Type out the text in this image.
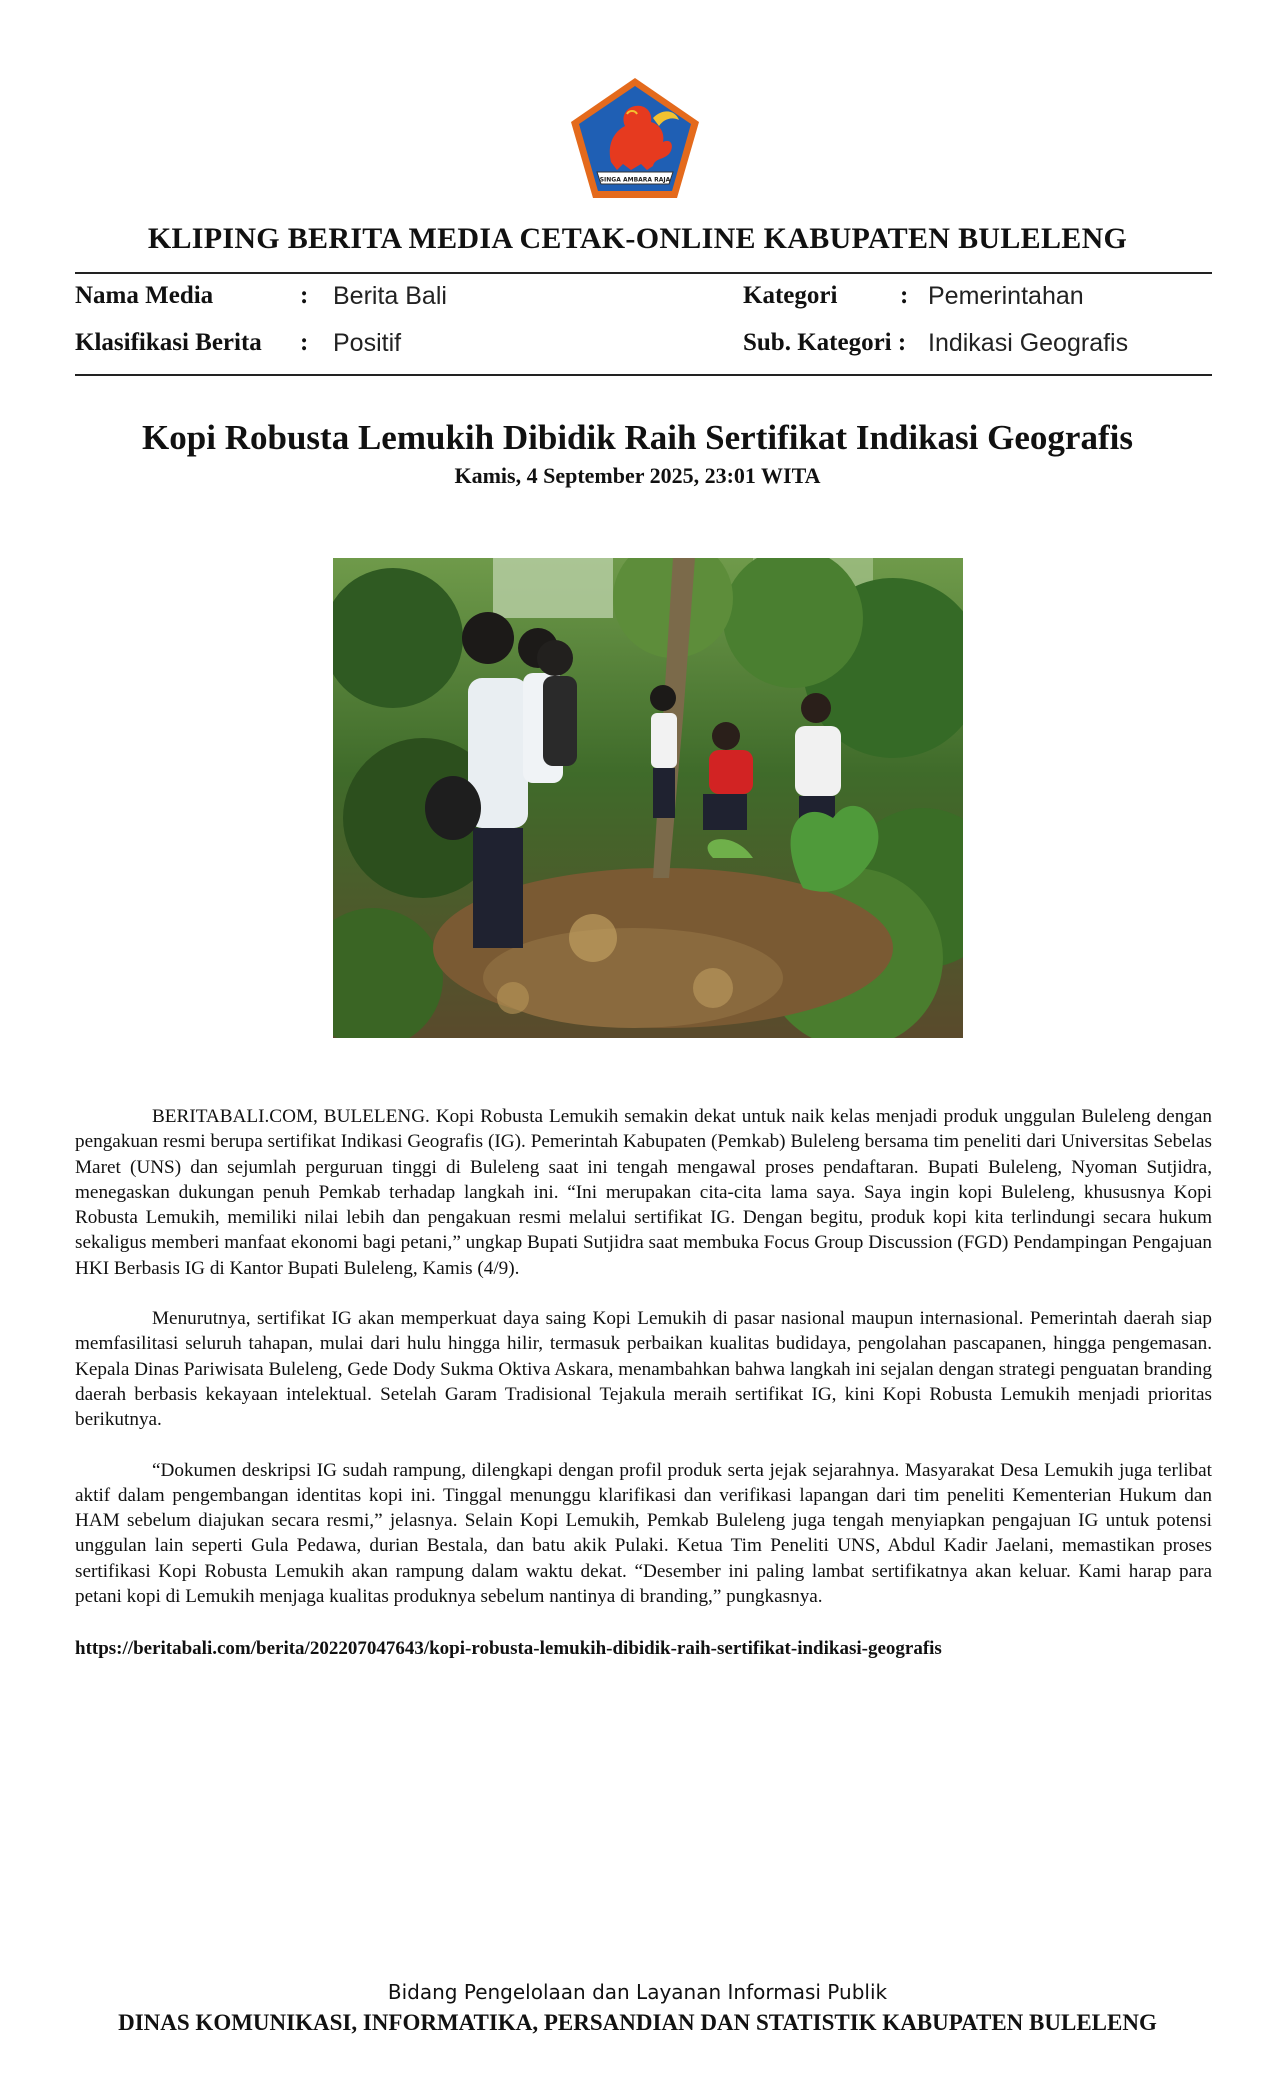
SINGA AMBARA RAJA
KLIPING BERITA MEDIA CETAK-ONLINE KABUPATEN BULELENG
Nama Media	: Berita Bali
Klasifikasi Berita : Positif
Kategori	: Pemerintahan
Sub. Kategori : Indikasi Geografis
Kopi Robusta Lemukih Dibidik Raih Sertifikat Indikasi Geografis
Kamis, 4 September 2025, 23:01 WITA

BERITABALI.COM, BULELENG. Kopi Robusta Lemukih semakin dekat untuk naik kelas menjadi produk unggulan Buleleng dengan pengakuan resmi berupa sertifikat Indikasi Geografis (IG). Pemerintah Kabupaten (Pemkab) Buleleng bersama tim peneliti dari Universitas Sebelas Maret (UNS) dan sejumlah perguruan tinggi di Buleleng saat ini tengah mengawal proses pendaftaran. Bupati Buleleng, Nyoman Sutjidra, menegaskan dukungan penuh Pemkab terhadap langkah ini. “Ini merupakan cita-cita lama saya. Saya ingin kopi Buleleng, khususnya Kopi Robusta Lemukih, memiliki nilai lebih dan pengakuan resmi melalui sertifikat IG. Dengan begitu, produk kopi kita terlindungi secara hukum sekaligus memberi manfaat ekonomi bagi petani,” ungkap Bupati Sutjidra saat membuka Focus Group Discussion (FGD) Pendampingan Pengajuan HKI Berbasis IG di Kantor Bupati Buleleng, Kamis (4/9).

Menurutnya, sertifikat IG akan memperkuat daya saing Kopi Lemukih di pasar nasional maupun internasional. Pemerintah daerah siap memfasilitasi seluruh tahapan, mulai dari hulu hingga hilir, termasuk perbaikan kualitas budidaya, pengolahan pascapanen, hingga pengemasan. Kepala Dinas Pariwisata Buleleng, Gede Dody Sukma Oktiva Askara, menambahkan bahwa langkah ini sejalan dengan strategi penguatan branding daerah berbasis kekayaan intelektual. Setelah Garam Tradisional Tejakula meraih sertifikat IG, kini Kopi Robusta Lemukih menjadi prioritas berikutnya.

“Dokumen deskripsi IG sudah rampung, dilengkapi dengan profil produk serta jejak sejarahnya. Masyarakat Desa Lemukih juga terlibat aktif dalam pengembangan identitas kopi ini. Tinggal menunggu klarifikasi dan verifikasi lapangan dari tim peneliti Kementerian Hukum dan HAM sebelum diajukan secara resmi,” jelasnya. Selain Kopi Lemukih, Pemkab Buleleng juga tengah menyiapkan pengajuan IG untuk potensi unggulan lain seperti Gula Pedawa, durian Bestala, dan batu akik Pulaki. Ketua Tim Peneliti UNS, Abdul Kadir Jaelani, memastikan proses sertifikasi Kopi Robusta Lemukih akan rampung dalam waktu dekat. “Desember ini paling lambat sertifikatnya akan keluar. Kami harap para petani kopi di Lemukih menjaga kualitas produknya sebelum nantinya di branding,” pungkasnya.

https://beritabali.com/berita/202207047643/kopi-robusta-lemukih-dibidik-raih-sertifikat-indikasi-geografis
Bidang Pengelolaan dan Layanan Informasi Publik
DINAS KOMUNIKASI, INFORMATIKA, PERSANDIAN DAN STATISTIK KABUPATEN BULELENG
